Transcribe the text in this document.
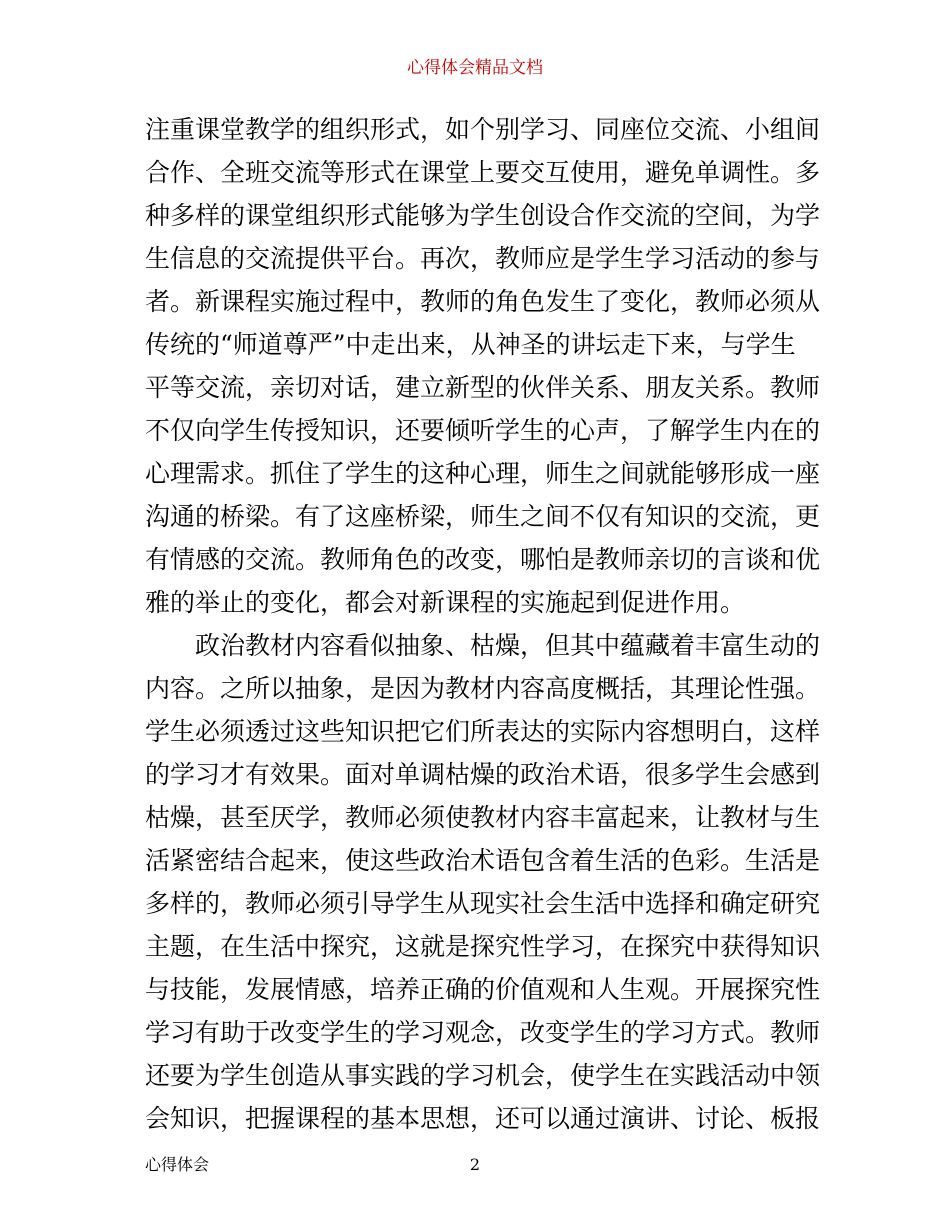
心得体会精品文档
注重课堂教学的组织形式，如个别学习、同座位交流、小组间
合作、全班交流等形式在课堂上要交互使用，避免单调性。多
种多样的课堂组织形式能够为学生创设合作交流的空间，为学
生信息的交流提供平台。再次，教师应是学生学习活动的参与
者。新课程实施过程中，教师的角色发生了变化，教师必须从
传统的“师道尊严”中走出来，从神圣的讲坛走下来，与学生
平等交流，亲切对话，建立新型的伙伴关系、朋友关系。教师
不仅向学生传授知识，还要倾听学生的心声，了解学生内在的
心理需求。抓住了学生的这种心理，师生之间就能够形成一座
沟通的桥梁。有了这座桥梁，师生之间不仅有知识的交流，更
有情感的交流。教师角色的改变，哪怕是教师亲切的言谈和优
雅的举止的变化，都会对新课程的实施起到促进作用。
政治教材内容看似抽象、枯燥，但其中蕴藏着丰富生动的
内容。之所以抽象，是因为教材内容高度概括，其理论性强。
学生必须透过这些知识把它们所表达的实际内容想明白，这样
的学习才有效果。面对单调枯燥的政治术语，很多学生会感到
枯燥，甚至厌学，教师必须使教材内容丰富起来，让教材与生
活紧密结合起来，使这些政治术语包含着生活的色彩。生活是
多样的，教师必须引导学生从现实社会生活中选择和确定研究
主题，在生活中探究，这就是探究性学习，在探究中获得知识
与技能，发展情感，培养正确的价值观和人生观。开展探究性
学习有助于改变学生的学习观念，改变学生的学习方式。教师
还要为学生创造从事实践的学习机会，使学生在实践活动中领
会知识，把握课程的基本思想，还可以通过演讲、讨论、板报
心得体会	2
